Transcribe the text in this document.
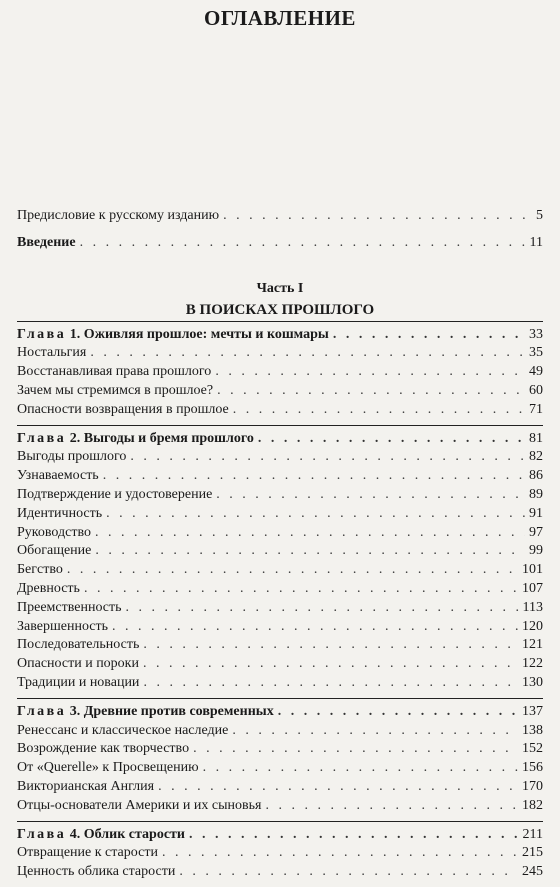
ОГЛАВЛЕНИЕ
Предисловие к русскому изданию . . .	5
Введение . . .	11
Часть I
В ПОИСКАХ ПРОШЛОГО
Глава 1. Оживляя прошлое: мечты и кошмары . . .	33
Ностальгия . . .	35
Восстанавливая права прошлого . . .	49
Зачем мы стремимся в прошлое? . . .	60
Опасности возвращения в прошлое . . .	71
Глава 2. Выгоды и бремя прошлого . . .	81
Выгоды прошлого . . .	82
Узнаваемость . . .	86
Подтверждение и удостоверение . . .	89
Идентичность . . .	91
Руководство . . .	97
Обогащение . . .	99
Бегство . . .	101
Древность . . .	107
Преемственность . . .	113
Завершенность . . .	120
Последовательность . . .	121
Опасности и пороки . . .	122
Традиции и новации . . .	130
Глава 3. Древние против современных . . .	137
Ренессанс и классическое наследие . . .	138
Возрождение как творчество . . .	152
От «Querelle» к Просвещению . . .	156
Викторианская Англия . . .	170
Отцы-основатели Америки и их сыновья . . .	182
Глава 4. Облик старости . . .	211
Отвращение к старости . . .	215
Ценность облика старости . . .	245
